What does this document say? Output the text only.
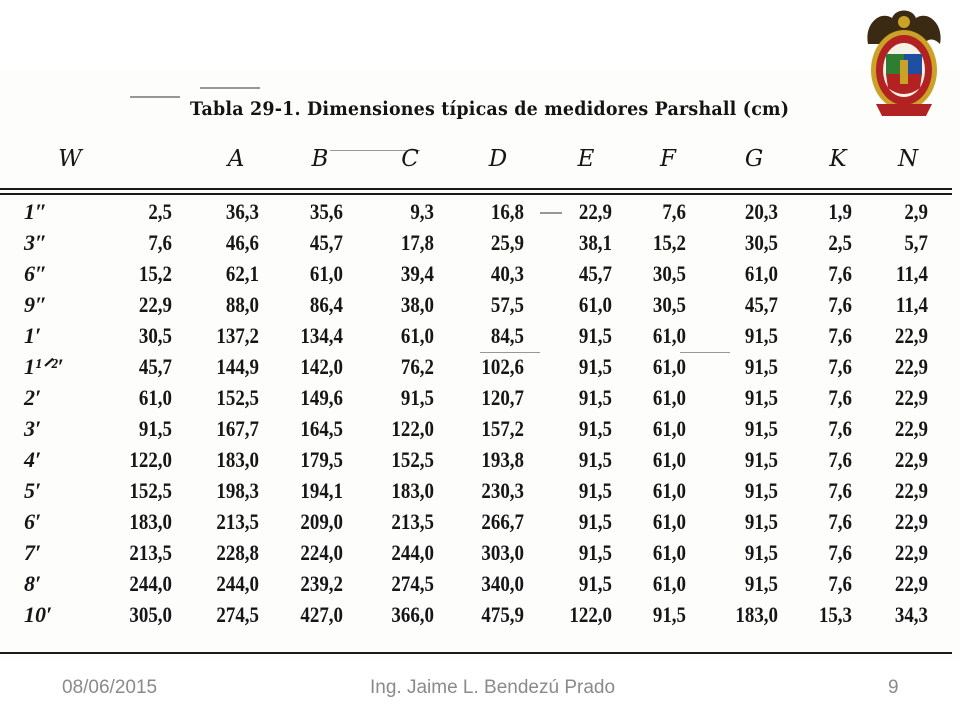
Tabla 29-1. Dimensiones típicas de medidores Parshall (cm)
W	A	B	C	D	E	F	G	K	N
1″	2,5	36,3	35,6	9,3	16,8	22,9	7,6	20,3	1,9	2,9
3″	7,6	46,6	45,7	17,8	25,9	38,1	15,2	30,5	2,5	5,7
6″	15,2	62,1	61,0	39,4	40,3	45,7	30,5	61,0	7,6	11,4
9″	22,9	88,0	86,4	38,0	57,5	61,0	30,5	45,7	7,6	11,4
1′	30,5	137,2	134,4	61,0	84,5	91,5	61,0	91,5	7,6	22,9
1¹ᐟ²′	45,7	144,9	142,0	76,2	102,6	91,5	61,0	91,5	7,6	22,9
2′	61,0	152,5	149,6	91,5	120,7	91,5	61,0	91,5	7,6	22,9
3′	91,5	167,7	164,5	122,0	157,2	91,5	61,0	91,5	7,6	22,9
4′	122,0	183,0	179,5	152,5	193,8	91,5	61,0	91,5	7,6	22,9
5′	152,5	198,3	194,1	183,0	230,3	91,5	61,0	91,5	7,6	22,9
6′	183,0	213,5	209,0	213,5	266,7	91,5	61,0	91,5	7,6	22,9
7′	213,5	228,8	224,0	244,0	303,0	91,5	61,0	91,5	7,6	22,9
8′	244,0	244,0	239,2	274,5	340,0	91,5	61,0	91,5	7,6	22,9
10′	305,0	274,5	427,0	366,0	475,9	122,0	91,5	183,0	15,3	34,3
08/06/2015	Ing. Jaime L. Bendezú Prado	9
